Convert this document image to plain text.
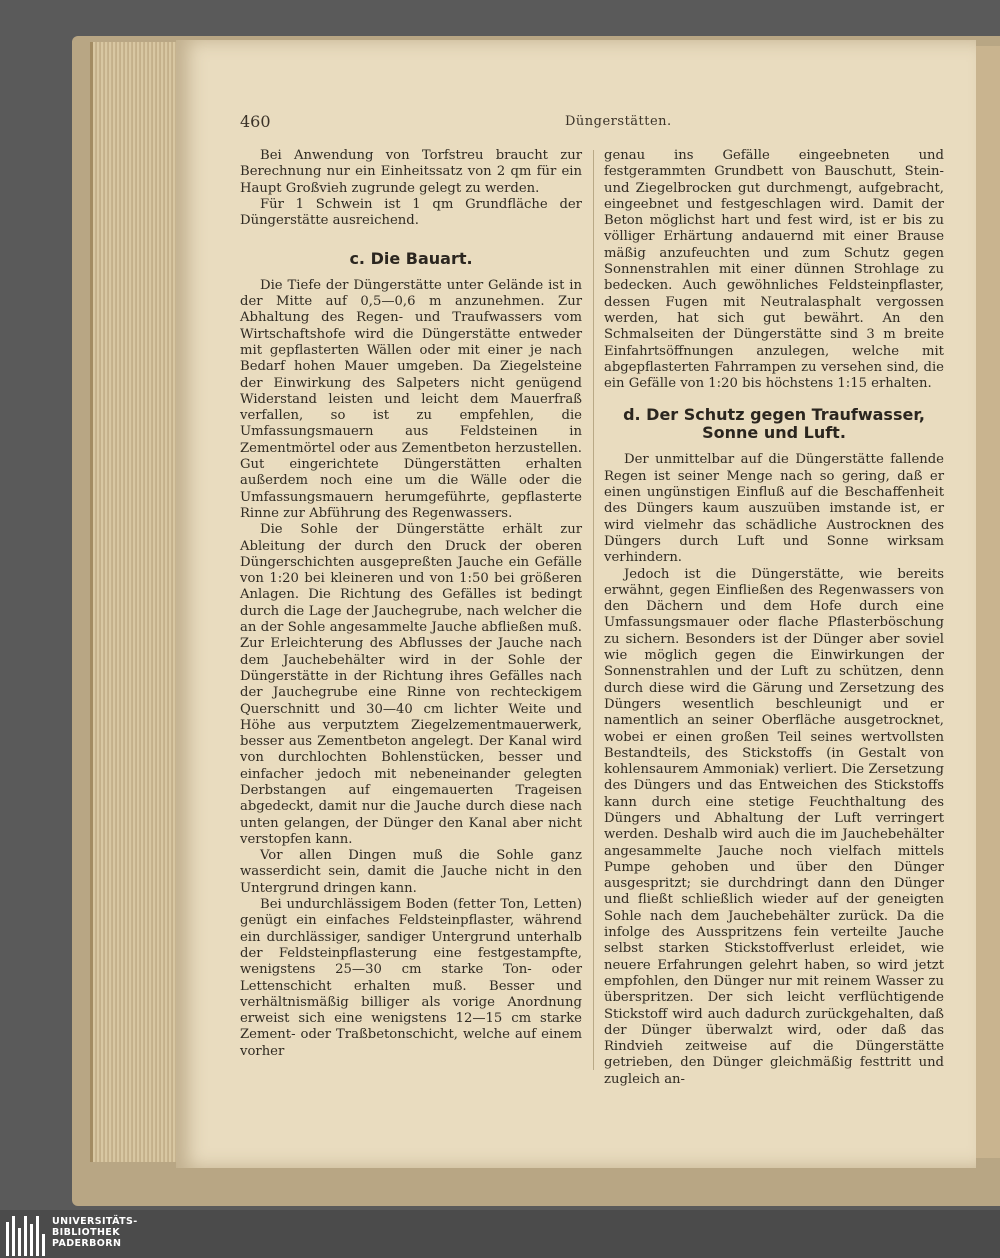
460	Düngerstätten.

Bei Anwendung von Torfstreu braucht zur Berechnung nur ein Einheitssatz von 2 qm für ein Haupt Großvieh zugrunde gelegt zu werden.

Für 1 Schwein ist 1 qm Grundfläche der Düngerstätte ausreichend.

c. Die Bauart.

Die Tiefe der Düngerstätte unter Gelände ist in der Mitte auf 0,5—0,6 m anzunehmen. Zur Abhaltung des Regen- und Traufwassers vom Wirtschaftshofe wird die Düngerstätte entweder mit gepflasterten Wällen oder mit einer je nach Bedarf hohen Mauer umgeben. Da Ziegelsteine der Einwirkung des Salpeters nicht genügend Widerstand leisten und leicht dem Mauerfraß verfallen, so ist zu empfehlen, die Umfassungsmauern aus Feldsteinen in Zementmörtel oder aus Zementbeton herzustellen. Gut eingerichtete Düngerstätten erhalten außerdem noch eine um die Wälle oder die Umfassungsmauern herumgeführte, gepflasterte Rinne zur Abführung des Regenwassers.

Die Sohle der Düngerstätte erhält zur Ableitung der durch den Druck der oberen Düngerschichten ausgepreßten Jauche ein Gefälle von 1:20 bei kleineren und von 1:50 bei größeren Anlagen. Die Richtung des Gefälles ist bedingt durch die Lage der Jauchegrube, nach welcher die an der Sohle angesammelte Jauche abfließen muß. Zur Erleichterung des Abflusses der Jauche nach dem Jauchebehälter wird in der Sohle der Düngerstätte in der Richtung ihres Gefälles nach der Jauchegrube eine Rinne von rechteckigem Querschnitt und 30—40 cm lichter Weite und Höhe aus verputztem Ziegelzementmauerwerk, besser aus Zementbeton angelegt. Der Kanal wird von durchlochten Bohlenstücken, besser und einfacher jedoch mit nebeneinander gelegten Derbstangen auf eingemauerten Trageisen abgedeckt, damit nur die Jauche durch diese nach unten gelangen, der Dünger den Kanal aber nicht verstopfen kann.

Vor allen Dingen muß die Sohle ganz wasserdicht sein, damit die Jauche nicht in den Untergrund dringen kann.

Bei undurchlässigem Boden (fetter Ton, Letten) genügt ein einfaches Feldsteinpflaster, während ein durchlässiger, sandiger Untergrund unterhalb der Feldsteinpflasterung eine festgestampfte, wenigstens 25—30 cm starke Ton- oder Lettenschicht erhalten muß. Besser und verhältnismäßig billiger als vorige Anordnung erweist sich eine wenigstens 12—15 cm starke Zement- oder Traßbetonschicht, welche auf einem vorher

genau ins Gefälle eingeebneten und festgerammten Grundbett von Bauschutt, Stein- und Ziegelbrocken gut durchmengt, aufgebracht, eingeebnet und festgeschlagen wird. Damit der Beton möglichst hart und fest wird, ist er bis zu völliger Erhärtung andauernd mit einer Brause mäßig anzufeuchten und zum Schutz gegen Sonnenstrahlen mit einer dünnen Strohlage zu bedecken. Auch gewöhnliches Feldsteinpflaster, dessen Fugen mit Neutralasphalt vergossen werden, hat sich gut bewährt. An den Schmalseiten der Düngerstätte sind 3 m breite Einfahrtsöffnungen anzulegen, welche mit abgepflasterten Fahrrampen zu versehen sind, die ein Gefälle von 1:20 bis höchstens 1:15 erhalten.

d. Der Schutz gegen Traufwasser, Sonne und Luft.

Der unmittelbar auf die Düngerstätte fallende Regen ist seiner Menge nach so gering, daß er einen ungünstigen Einfluß auf die Beschaffenheit des Düngers kaum auszuüben imstande ist, er wird vielmehr das schädliche Austrocknen des Düngers durch Luft und Sonne wirksam verhindern.

Jedoch ist die Düngerstätte, wie bereits erwähnt, gegen Einfließen des Regenwassers von den Dächern und dem Hofe durch eine Umfassungsmauer oder flache Pflasterböschung zu sichern. Besonders ist der Dünger aber soviel wie möglich gegen die Einwirkungen der Sonnenstrahlen und der Luft zu schützen, denn durch diese wird die Gärung und Zersetzung des Düngers wesentlich beschleunigt und er namentlich an seiner Oberfläche ausgetrocknet, wobei er einen großen Teil seines wertvollsten Bestandteils, des Stickstoffs (in Gestalt von kohlensaurem Ammoniak) verliert. Die Zersetzung des Düngers und das Entweichen des Stickstoffs kann durch eine stetige Feuchthaltung des Düngers und Abhaltung der Luft verringert werden. Deshalb wird auch die im Jauchebehälter angesammelte Jauche noch vielfach mittels Pumpe gehoben und über den Dünger ausgespritzt; sie durchdringt dann den Dünger und fließt schließlich wieder auf der geneigten Sohle nach dem Jauchebehälter zurück. Da die infolge des Ausspritzens fein verteilte Jauche selbst starken Stickstoffverlust erleidet, wie neuere Erfahrungen gelehrt haben, so wird jetzt empfohlen, den Dünger nur mit reinem Wasser zu überspritzen. Der sich leicht verflüchtigende Stickstoff wird auch dadurch zurückgehalten, daß der Dünger überwalzt wird, oder daß das Rindvieh zeitweise auf die Düngerstätte getrieben, den Dünger gleichmäßig festtritt und zugleich an-

UNIVERSITÄTS-
BIBLIOTHEK
PADERBORN
